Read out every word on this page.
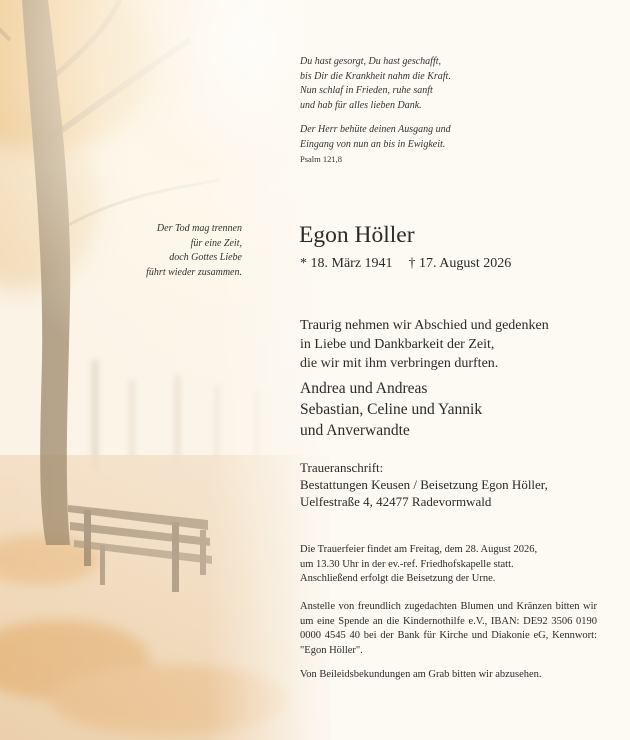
Du hast gesorgt, Du hast geschafft,
bis Dir die Krankheit nahm die Kraft.
Nun schlaf in Frieden, ruhe sanft
und hab für alles lieben Dank.
Der Herr behüte deinen Ausgang und
Eingang von nun an bis in Ewigkeit.
Psalm 121,8
Der Tod mag trennen
für eine Zeit,
doch Gottes Liebe
führt wieder zusammen.
Egon Höller
* 18. März 1941 † 17. August 2026
Traurig nehmen wir Abschied und gedenken
in Liebe und Dankbarkeit der Zeit,
die wir mit ihm verbringen durften.
Andrea und Andreas
Sebastian, Celine und Yannik
und Anverwandte
Traueranschrift:
Bestattungen Keusen / Beisetzung Egon Höller,
Uelfestraße 4, 42477 Radevormwald
Die Trauerfeier findet am Freitag, dem 28. August 2026,
um 13.30 Uhr in der ev.-ref. Friedhofskapelle statt.
Anschließend erfolgt die Beisetzung der Urne.
Anstelle von freundlich zugedachten Blumen und Kränzen bitten wir um eine Spende an die Kindernothilfe e.V., IBAN: DE92 3506 0190 0000 4545 40 bei der Bank für Kirche und Diakonie eG, Kennwort: "Egon Höller".
Von Beileidsbekundungen am Grab bitten wir abzusehen.
